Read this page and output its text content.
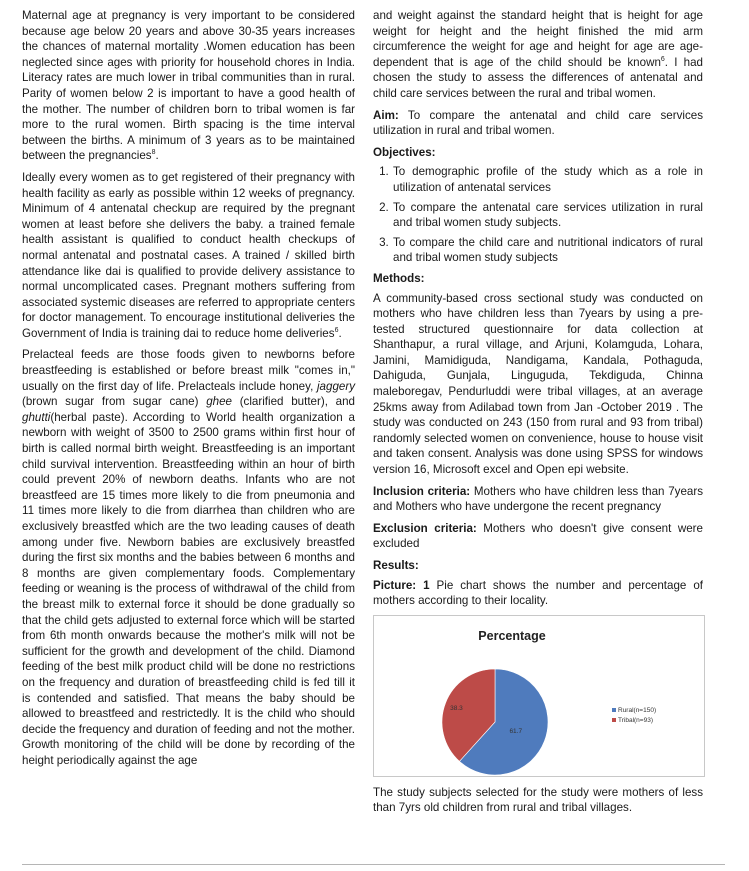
Maternal age at pregnancy is very important to be considered because age below 20 years and above 30-35 years increases the chances of maternal mortality .Women education has been neglected since ages with priority for household chores in India. Literacy rates are much lower in tribal communities than in rural. Parity of women below 2 is important to have a good health of the mother. The number of children born to tribal women is far more to the rural women. Birth spacing is the time interval between the births. A minimum of 3 years as to be maintained between the pregnancies$^8$.

Ideally every women as to get registered of their pregnancy with health facility as early as possible within 12 weeks of pregnancy. Minimum of 4 antenatal checkup are required by the pregnant women at least before she delivers the baby. a trained female health assistant is qualified to conduct health checkups of normal antenatal and postnatal cases. A trained / skilled birth attendance like dai is qualified to provide delivery assistance to normal uncomplicated cases. Pregnant mothers suffering from associated systemic diseases are referred to appropriate centers for doctor management. To encourage institutional deliveries the Government of India is training dai to reduce home deliveries$^6$.

Prelacteal feeds are those foods given to newborns before breastfeeding is established or before breast milk "comes in," usually on the first day of life. Prelacteals include honey, jaggery (brown sugar from sugar cane) ghee (clarified butter), and ghutti(herbal paste). According to World health organization a newborn with weight of 3500 to 2500 grams within first hour of birth is called normal birth weight. Breastfeeding is an important child survival intervention. Breastfeeding within an hour of birth could prevent 20% of newborn deaths. Infants who are not breastfeed are 15 times more likely to die from pneumonia and 11 times more likely to die from diarrhea than children who are exclusively breastfed which are the two leading causes of death among under five. Newborn babies are exclusively breastfed during the first six months and the babies between 6 months and 8 months are given complementary foods. Complementary feeding or weaning is the process of withdrawal of the child from the breast milk to external force it should be done gradually so that the child gets adjusted to external force which will be started from 6th month onwards because the mother's milk will not be sufficient for the growth and development of the child. Diamond feeding of the best milk product child will be done no restrictions on the frequency and duration of breastfeeding child is fed till it is contended and satisfied. That means the baby should be allowed to breastfeed and restrictedly. It is the child who should decide the frequency and duration of feeding and not the mother. Growth monitoring of the child will be done by recording of the height periodically against the age

and weight against the standard height that is height for age weight for height and the height finished the mid arm circumference the weight for age and height for age are age-dependent that is age of the child should be known$^6$. I had chosen the study to assess the differences of antenatal and child care services between the rural and tribal women.

Aim: To compare the antenatal and child care services utilization in rural and tribal women.

Objectives:
1. To demographic profile of the study which as a role in utilization of antenatal services
2. To compare the antenatal care services utilization in rural and tribal women study subjects.
3. To compare the child care and nutritional indicators of rural and tribal women study subjects
Methods:

A community-based cross sectional study was conducted on mothers who have children less than 7years by using a pre-tested structured questionnaire for data collection at Shanthapur, a rural village, and Arjuni, Kolamguda, Lohara, Jamini, Mamidiguda, Nandigama, Kandala, Pothaguda, Dahiguda, Gunjala, Linguguda, Tekdiguda, Chinna maleboregav, Pendurluddi were tribal villages, at an average 25kms away from Adilabad town from Jan -October 2019 . The study was conducted on 243 (150 from rural and 93 from tribal) randomly selected women on convenience, house to house visit and taken consent. Analysis was done using SPSS for windows version 16, Microsoft excel and Open epi website.

Inclusion criteria: Mothers who have children less than 7years and Mothers who have undergone the recent pregnancy

Exclusion criteria: Mothers who doesn't give consent were excluded

Results:

Picture: 1 Pie chart shows the number and percentage of mothers according to their locality.

Percentage
61.7
38.3	Rural(n=150)
Tribal(n=93)

The study subjects selected for the study were mothers of less than 7yrs old children from rural and tribal villages.
